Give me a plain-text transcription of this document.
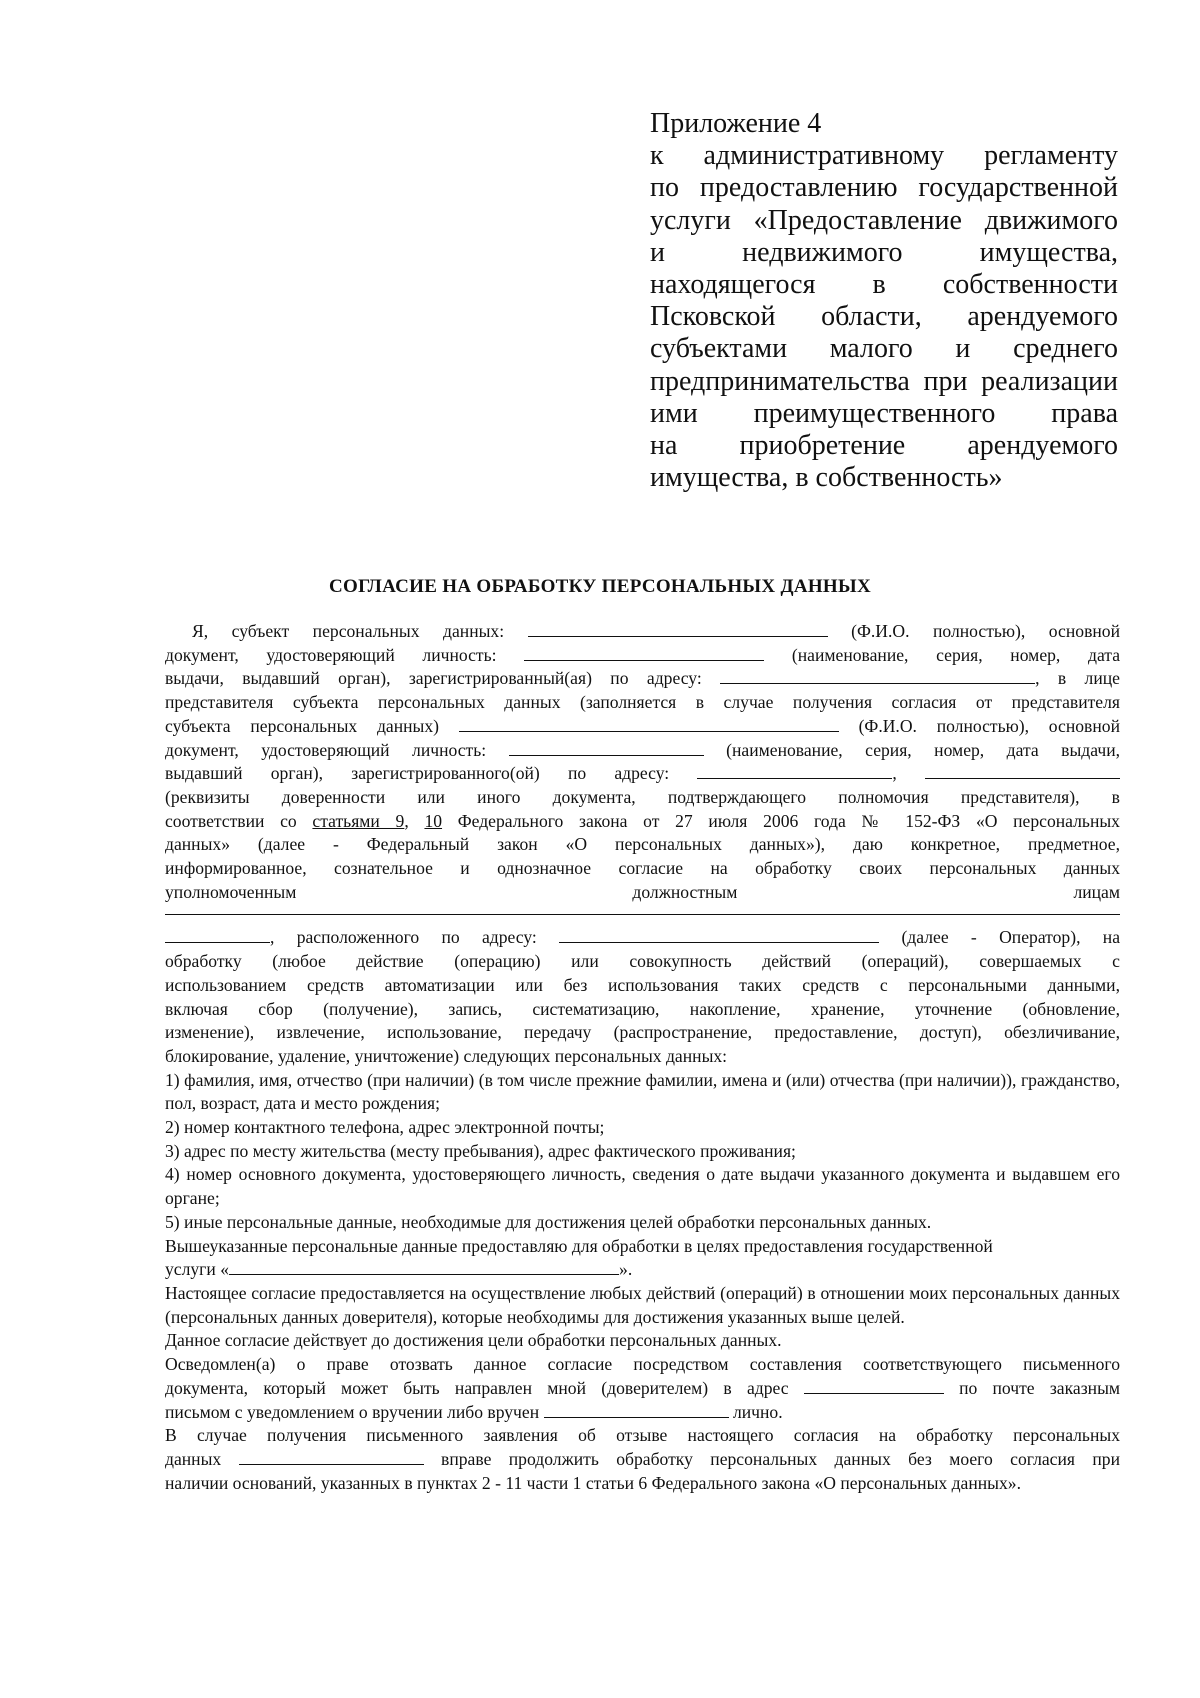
Приложение 4
к административному регламенту
по предоставлению государственной
услуги «Предоставление движимого
и недвижимого имущества,
находящегося в собственности
Псковской области, арендуемого
субъектами малого и среднего
предпринимательства при реализации
ими преимущественного права
на приобретение арендуемого
имущества, в собственность»
СОГЛАСИЕ НА ОБРАБОТКУ ПЕРСОНАЛЬНЫХ ДАННЫХ

Я, субъект персональных данных:	(Ф.И.О. полностью), основной

документ, удостоверяющий личность:	(наименование, серия, номер, дата

выдачи, выдавший орган), зарегистрированный(ая) по адресу:	, в лице

представителя субъекта персональных данных (заполняется в случае получения согласия от представителя

субъекта персональных данных)	(Ф.И.О. полностью), основной

документ, удостоверяющий личность:	(наименование, серия, номер, дата выдачи,

выдавший орган), зарегистрированного(ой) по адресу:	,

(реквизиты доверенности или иного документа, подтверждающего полномочия представителя), в

соответствии со статьями 9, 10 Федерального закона от 27 июля 2006 года № 152-ФЗ «О персональных

данных» (далее - Федеральный закон «О персональных данных»), даю конкретное, предметное,

информированное, сознательное и однозначное согласие на обработку своих персональных данных

уполномоченным	должностным	лицам

, расположенного по адресу:	(далее - Оператор), на

обработку (любое действие (операцию) или совокупность действий (операций), совершаемых с

использованием средств автоматизации или без использования таких средств с персональными данными,

включая сбор (получение), запись, систематизацию, накопление, хранение, уточнение (обновление,

изменение), извлечение, использование, передачу (распространение, предоставление, доступ), обезличивание,

блокирование, удаление, уничтожение) следующих персональных данных:

1) фамилия, имя, отчество (при наличии) (в том числе прежние фамилии, имена и (или) отчества (при наличии)), гражданство, пол, возраст, дата и место рождения;

2) номер контактного телефона, адрес электронной почты;

3) адрес по месту жительства (месту пребывания), адрес фактического проживания;

4) номер основного документа, удостоверяющего личность, сведения о дате выдачи указанного документа и выдавшем его органе;

5) иные персональные данные, необходимые для достижения целей обработки персональных данных.

Вышеуказанные персональные данные предоставляю для обработки в целях предоставления государственной

услуги «	».

Настоящее согласие предоставляется на осуществление любых действий (операций) в отношении моих персональных данных (персональных данных доверителя), которые необходимы для достижения указанных выше целей.

Данное согласие действует до достижения цели обработки персональных данных.

Осведомлен(а) о праве отозвать данное согласие посредством составления соответствующего письменного

документа, который может быть направлен мной (доверителем) в адрес	по почте заказным

письмом с уведомлением о вручении либо вручен	лично.

В случае получения письменного заявления об отзыве настоящего согласия на обработку персональных

данных	вправе продолжить обработку персональных данных без моего согласия при

наличии оснований, указанных в пунктах 2 - 11 части 1 статьи 6 Федерального закона «О персональных данных».
